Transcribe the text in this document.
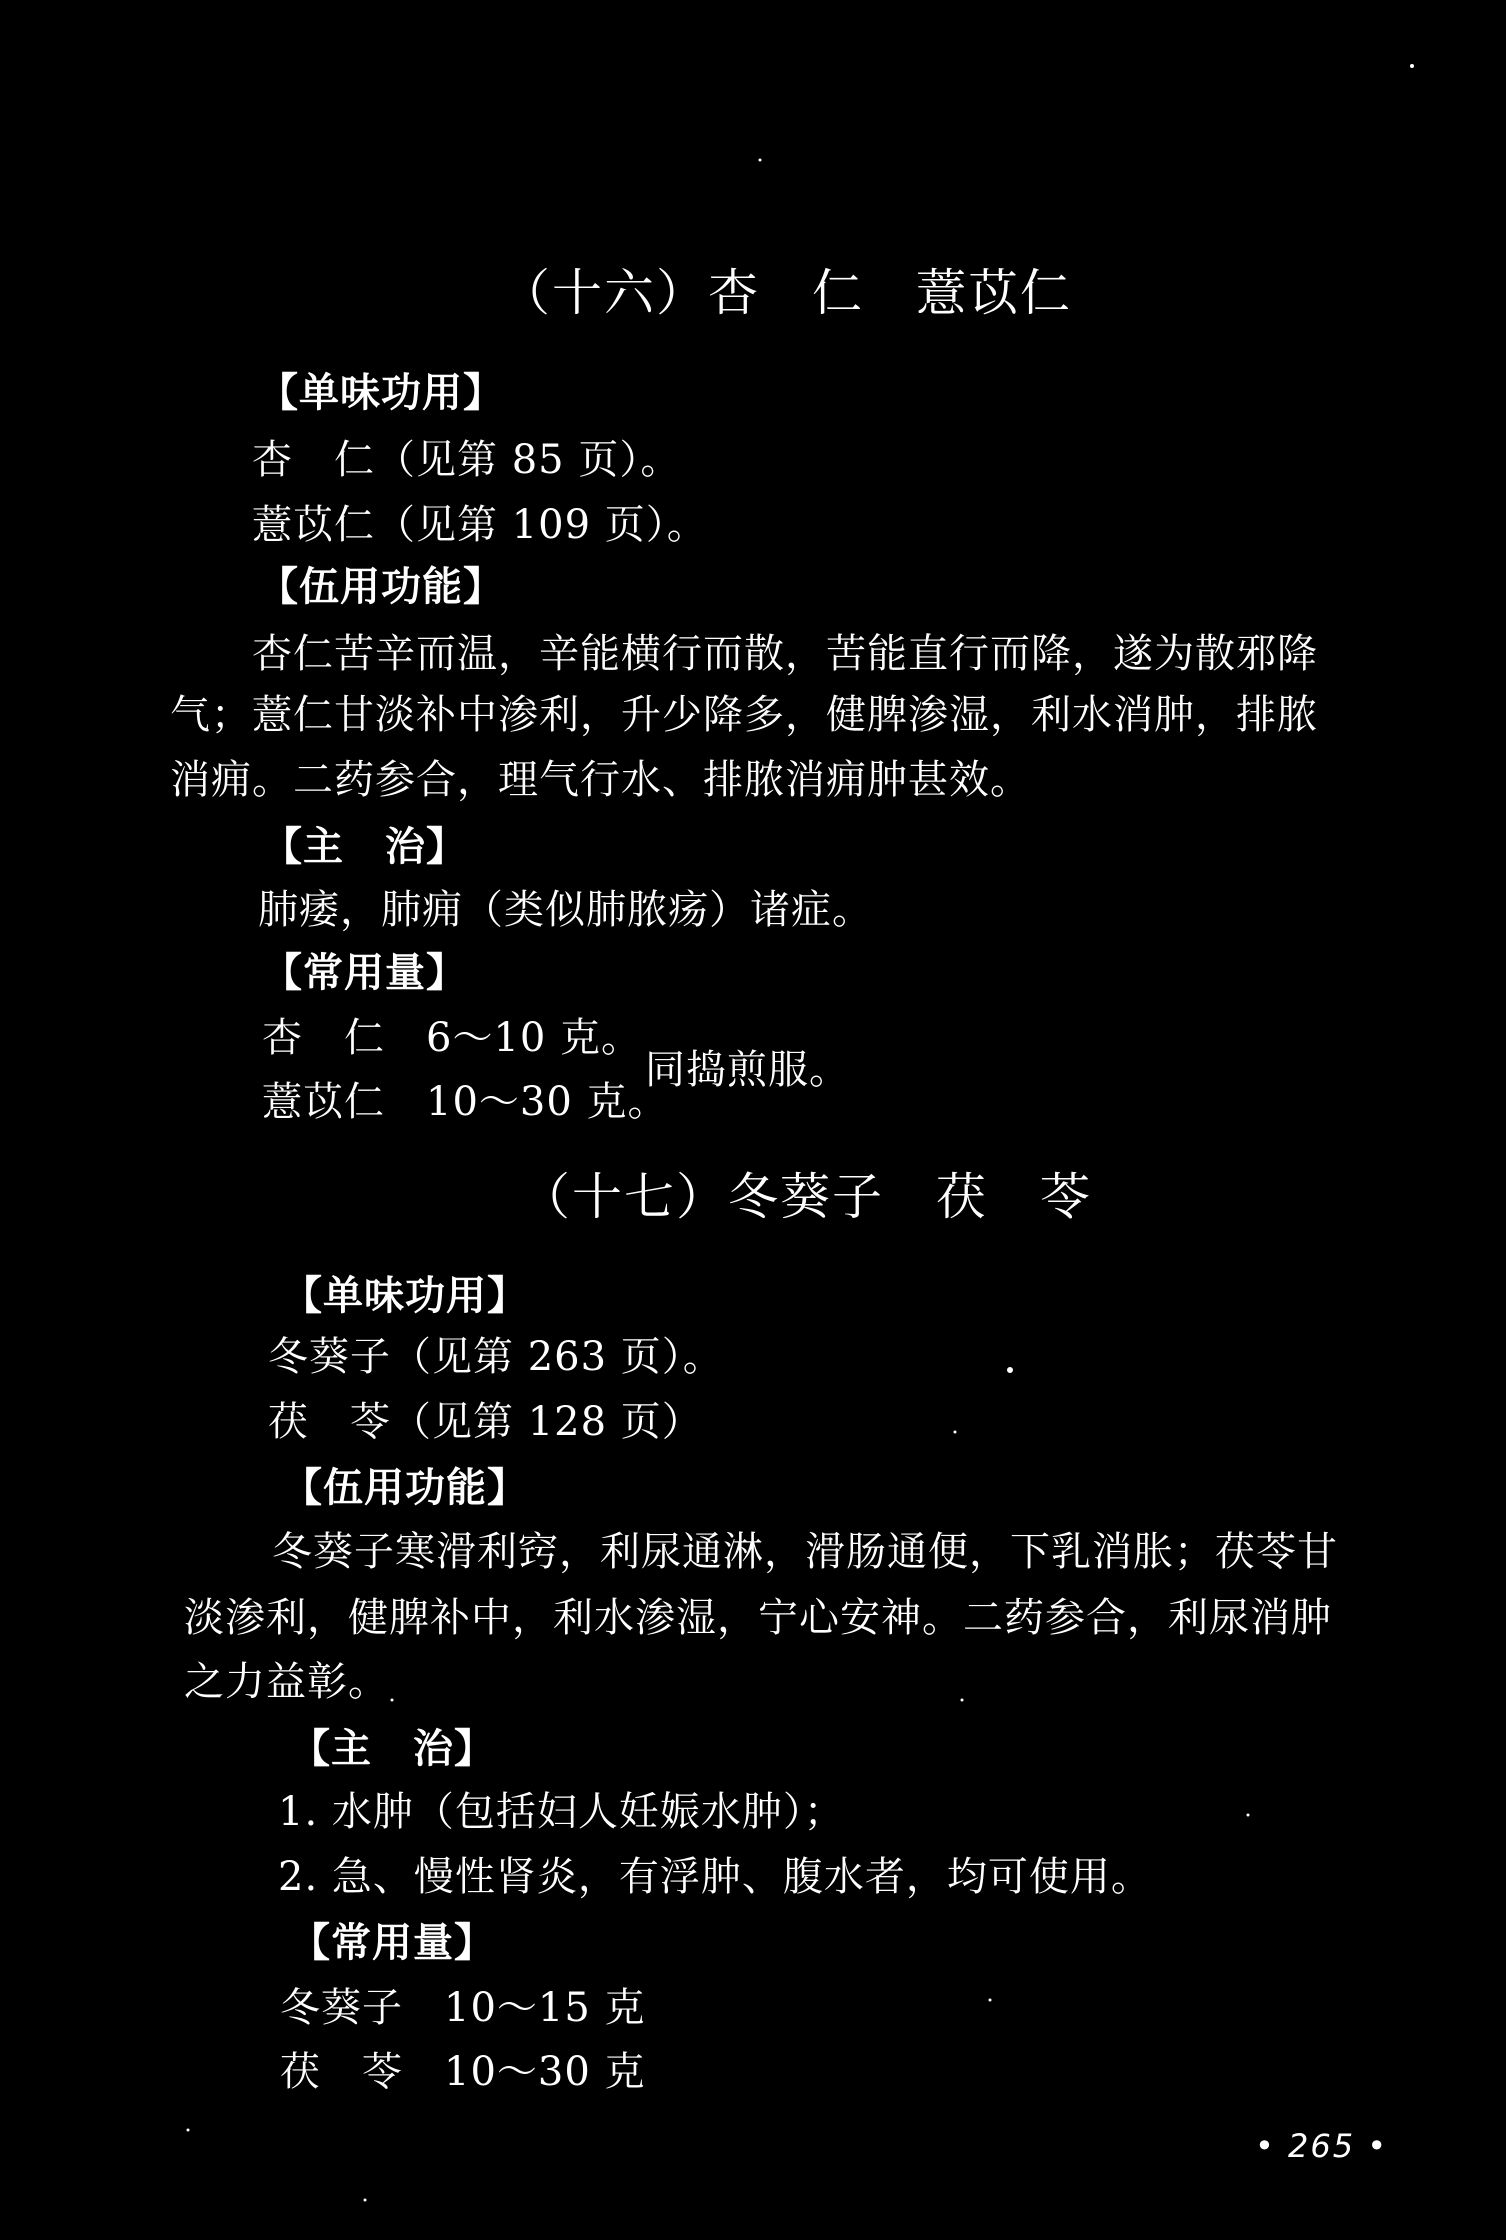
（十六）杏　仁　薏苡仁
【单味功用】
杏　仁（见第 85 页）。
薏苡仁（见第 109 页）。
【伍用功能】
杏仁苦辛而温，辛能横行而散，苦能直行而降，遂为散邪降
气；薏仁甘淡补中渗利，升少降多，健脾渗湿，利水消肿，排脓
消痈。二药参合，理气行水、排脓消痈肿甚效。
【主　治】
肺痿，肺痈（类似肺脓疡）诸症。
【常用量】
杏　仁　6～10 克。
薏苡仁　10～30 克。
同捣煎服。
（十七）冬葵子　茯　苓
【单味功用】
冬葵子（见第 263 页）。
茯　苓（见第 128 页）
【伍用功能】
冬葵子寒滑利窍，利尿通淋，滑肠通便，下乳消胀；茯苓甘
淡渗利，健脾补中，利水渗湿，宁心安神。二药参合，利尿消肿
之力益彰。
【主　治】
1. 水肿（包括妇人妊娠水肿）；
2. 急、慢性肾炎，有浮肿、腹水者，均可使用。
【常用量】
冬葵子　10～15 克
茯　苓　10～30 克
• 265 •
